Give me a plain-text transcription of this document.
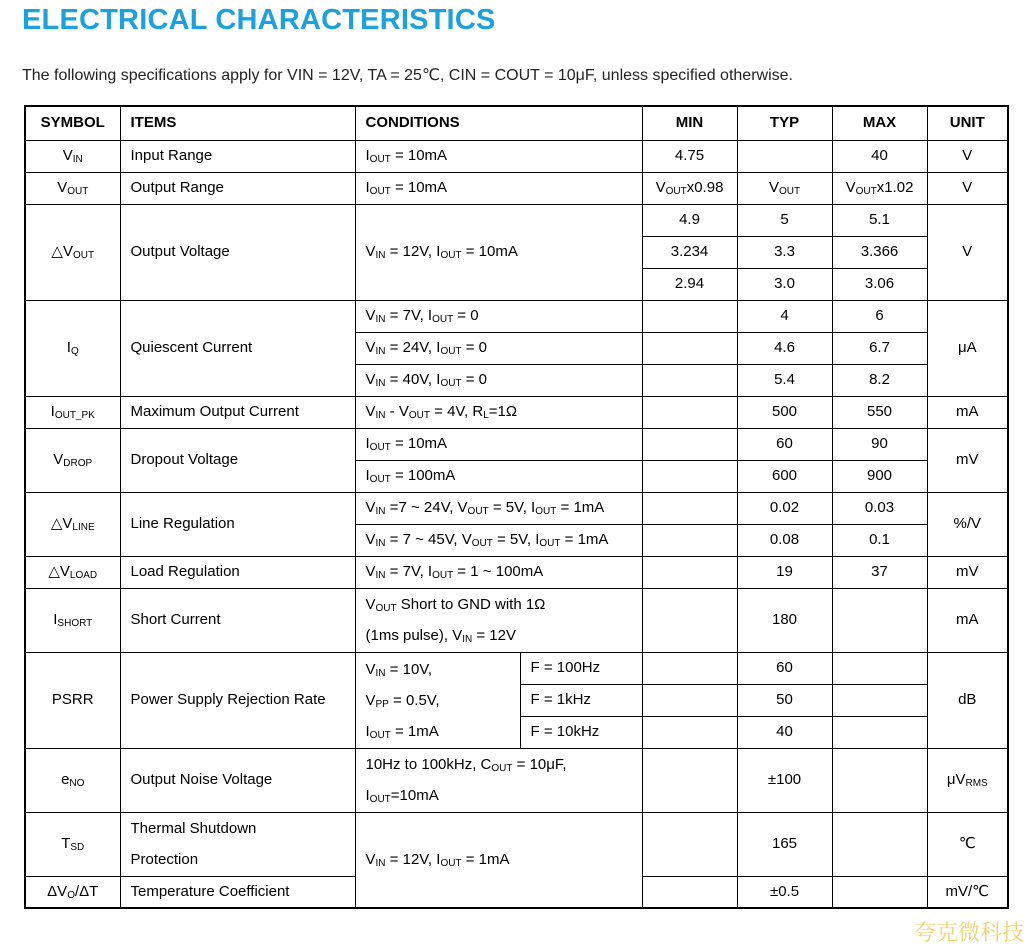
ELECTRICAL CHARACTERISTICS

The following specifications apply for VIN = 12V, TA = 25℃, CIN = COUT = 10μF, unless specified otherwise.

SYMBOL	ITEMS	CONDITIONS		MIN	TYP	MAX	UNIT
$V_{IN}$	Input Range	$I_{OUT} = 10mA$		4.75		40	V
$V_{OUT}$	Output Range	$I_{OUT} = 10mA$		$V_{OUT}x0.98$	$V_{OUT}$	$V_{OUT}x1.02$	V
$\triangle V_{OUT}$	Output Voltage	$V_{IN} = 12V$, $I_{OUT} = 10mA$		4.9	5	5.1	V
				3.234	3.3	3.366	
				2.94	3.0	3.06	
$I_Q$	Quiescent Current	$V_{IN} = 7V$, $I_{OUT} = 0$			4	6	μA
		$V_{IN} = 24V$, $I_{OUT} = 0$			4.6	6.7	
		$V_{IN} = 40V$, $I_{OUT} = 0$			5.4	8.2	
$I_{OUT\_PK}$	Maximum Output Current	$V_{IN} - V_{OUT} = 4V$, $R_L=1\Omega$			500	550	mA
$V_{DROP}$	Dropout Voltage	$I_{OUT} = 10mA$			60	90	mV
		$I_{OUT} = 100mA$			600	900	
$\triangle V_{LINE}$	Line Regulation	$V_{IN} =7$ ~ 24V, $V_{OUT} = 5V$, $I_{OUT} = 1mA$			0.02	0.03	%/V
		$V_{IN} = 7$ ~ 45V, $V_{OUT} = 5V$, $I_{OUT} = 1mA$			0.08	0.1	
$\triangle V_{LOAD}$	Load Regulation	$V_{IN} = 7V$, $I_{OUT} = 1$ ~ 100mA			19	37	mV
$I_{SHORT}$	Short Current	$V_{OUT}$ Short to GND with 1Ω
(1ms pulse), $V_{IN} = 12V$			180		mA
PSRR	Power Supply Rejection Rate	$V_{IN} = 10V$,
$V_{PP} = 0.5V$,
$I_{OUT} = 1mA$	F = 100Hz		60		dB
			F = 1kHz		50		
			F = 10kHz		40		
$e_{NO}$	Output Noise Voltage	10Hz to 100kHz, $C_{OUT} = 10\mu F$,
$I_{OUT}=10mA$			±100		$\mu V_{RMS}$
$T_{SD}$	Thermal Shutdown
Protection	$V_{IN} = 12V$, $I_{OUT} = 1mA$			165		℃
$\Delta V_O/\Delta T$	Temperature Coefficient				±0.5		mV/℃
夸克微科技
